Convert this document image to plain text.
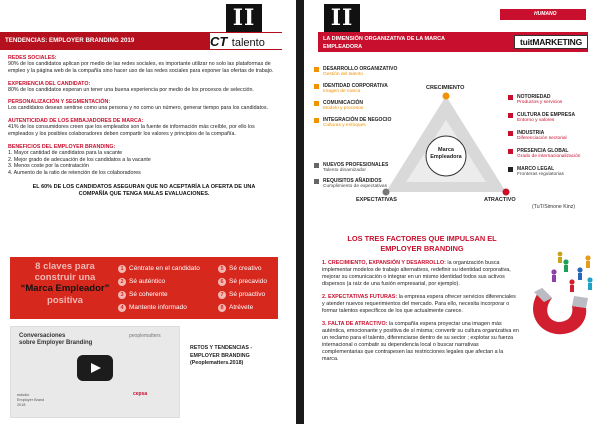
II
TENDENCIAS: EMPLOYER BRANDING 2019	CT talento
REDES SOCIALES:
90% de los candidatos aplican por medio de las redes sociales, es importante utilizar no solo las plataformas de empleo y la página web de la compañía sino hacer uso de las redes sociales para exponer las ofertas de trabajo.
EXPERIENCIA DEL CANDIDATO:
80% de los candidatos esperan un tener una buena experiencia por medio de los procesos de selección.
PERSONALIZACIÓN Y SEGMENTACIÓN:
Los candidatos desean sentirse como una persona y no como un número, generar tiempo para los candidatos.
AUTENTICIDAD DE LOS EMBAJADORES DE MARCA:
41% de los consumidores creen que los empleados son la fuente de información más creíble, por ello los empleados y los posibles colaboradores deben compartir los valores y principios de la compañía.
BENEFICIOS DEL EMPLOYER BRANDING:
1. Mayor cantidad de candidatos para la vacante
2. Mejor grado de adecuación de los candidatos a la vacante
3. Menos coste por la contratación
4. Aumento de la ratio de retención de los colaboradores
EL 60% DE LOS CANDIDATOS ASEGURAN QUE NO ACEPTARÍA LA OFERTA DE UNA COMPAÑÍA QUE TENGA MALAS EVALUACIONES.
8 claves para
construir una
“Marca Empleador”
positiva
1 Céntrate en el candidato
2 Sé auténtico
3 Sé coherente
4 Mantente informado
5 Sé creativo
6 Sé precavido
7 Sé proactivo
8 Atrévete
Conversaciones
sobre Employer Branding
peoplematters
estudio
Employer Brand
2018
cepsa
RETOS Y TENDENCIAS -
EMPLOYER BRANDING
(Peoplematters.2018)
II	HUMANO
LA DIMENSIÓN ORGANIZATIVA DE LA MARCA
EMPLEADORA	tuitMARKETING
Marca
Empleadora
CRECIMIENTO
EXPECTATIVAS	ATRACTIVO
DESARROLLO ORGANIZATIVO
Gestión del talento
IDENTIDAD CORPORATIVA
Imagen de marca
COMUNICACIÓN
Modelo y procesos
INTEGRACIÓN DE NEGOCIO
Culturas y enfoques
NUEVOS PROFESIONALES
Talento dinamizador
REQUISITOS AÑADIDOS
Cumplimiento de expectativas
NOTORIEDAD
Productos y servicios
CULTURA DE EMPRESA
Entorno y valores
INDUSTRIA
Diferenciación sectorial
PRESENCIA GLOBAL
Grado de internacionalización
MARCO LEGAL
Fronteras regulatorias
(TuT/Simone Kinz)
LOS TRES FACTORES QUE IMPULSAN EL
EMPLOYER BRANDING

1. CRECIMIENTO, EXPANSIÓN Y DESARROLLO: la organización busca implementar modelos de trabajo alternativos, redefinir su identidad corporativa, mejorar su comunicación o integrar en un mismo identidad todos sus activos dispersos (a raíz de una fusión empresarial, por ejemplo).

2. EXPECTATIVAS FUTURAS: la empresa espera ofrecer servicios diferenciales y atender nuevos requerimientos del mercado. Para ello, necesita incorporar o formar talentos específicos de los que actualmente carece.

3. FALTA DE ATRACTIVO: la compañía espera proyectar una imagen más auténtica, emocionante y positiva de sí misma; convertir su cultura organizativa en un reclamo para el talento, diferenciarse dentro de su sector ; explotar su fuerza internacional o combatir su dependencia local o buscar narrativas complementarias que contrapesen las restricciones legales que afectan a la marca.
